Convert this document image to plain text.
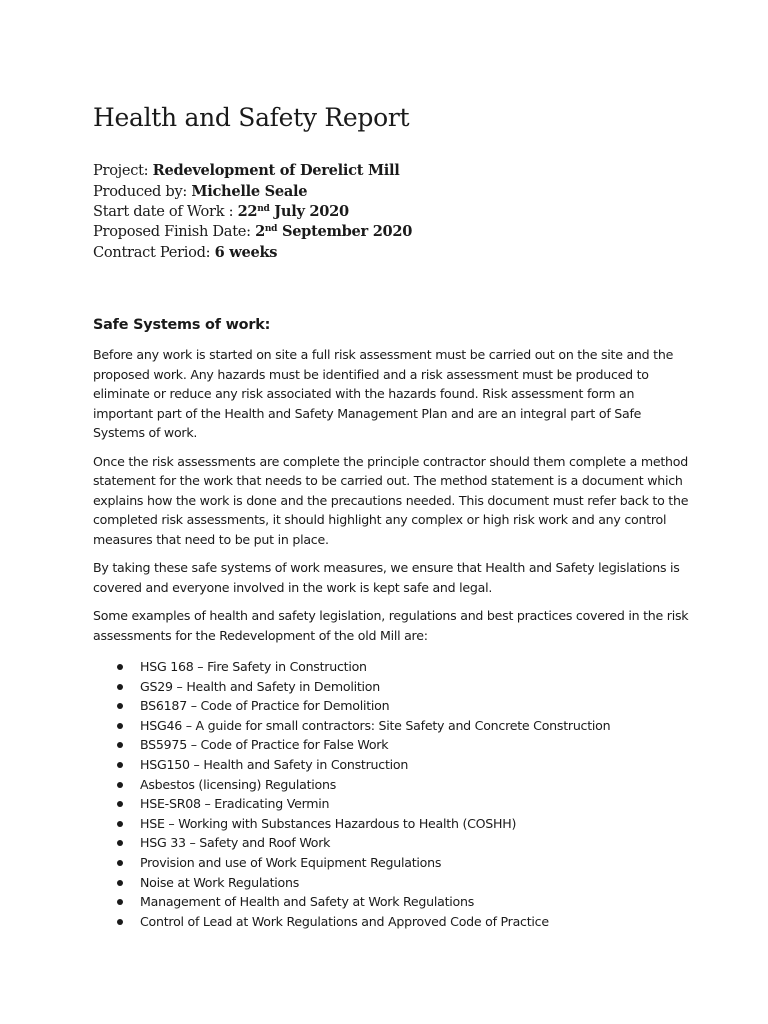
Health and Safety Report
Project: Redevelopment of Derelict Mill
Produced by: Michelle Seale
Start date of Work : 22nd July 2020
Proposed Finish Date: 2nd September 2020
Contract Period: 6 weeks
Safe Systems of work:

Before any work is started on site a full risk assessment must be carried out on the site and the proposed work. Any hazards must be identified and a risk assessment must be produced to eliminate or reduce any risk associated with the hazards found. Risk assessment form an important part of the Health and Safety Management Plan and are an integral part of Safe Systems of work.

Once the risk assessments are complete the principle contractor should them complete a method statement for the work that needs to be carried out. The method statement is a document which explains how the work is done and the precautions needed. This document must refer back to the completed risk assessments, it should highlight any complex or high risk work and any control measures that need to be put in place.

By taking these safe systems of work measures, we ensure that Health and Safety legislations is covered and everyone involved in the work is kept safe and legal.

Some examples of health and safety legislation, regulations and best practices covered in the risk assessments for the Redevelopment of the old Mill are:

HSG 168 – Fire Safety in Construction
GS29 – Health and Safety in Demolition
BS6187 – Code of Practice for Demolition
HSG46 – A guide for small contractors: Site Safety and Concrete Construction
BS5975 – Code of Practice for False Work
HSG150 – Health and Safety in Construction
Asbestos (licensing) Regulations
HSE-SR08 – Eradicating Vermin
HSE – Working with Substances Hazardous to Health (COSHH)
HSG 33 – Safety and Roof Work
Provision and use of Work Equipment Regulations
Noise at Work Regulations
Management of Health and Safety at Work Regulations
Control of Lead at Work Regulations and Approved Code of Practice
